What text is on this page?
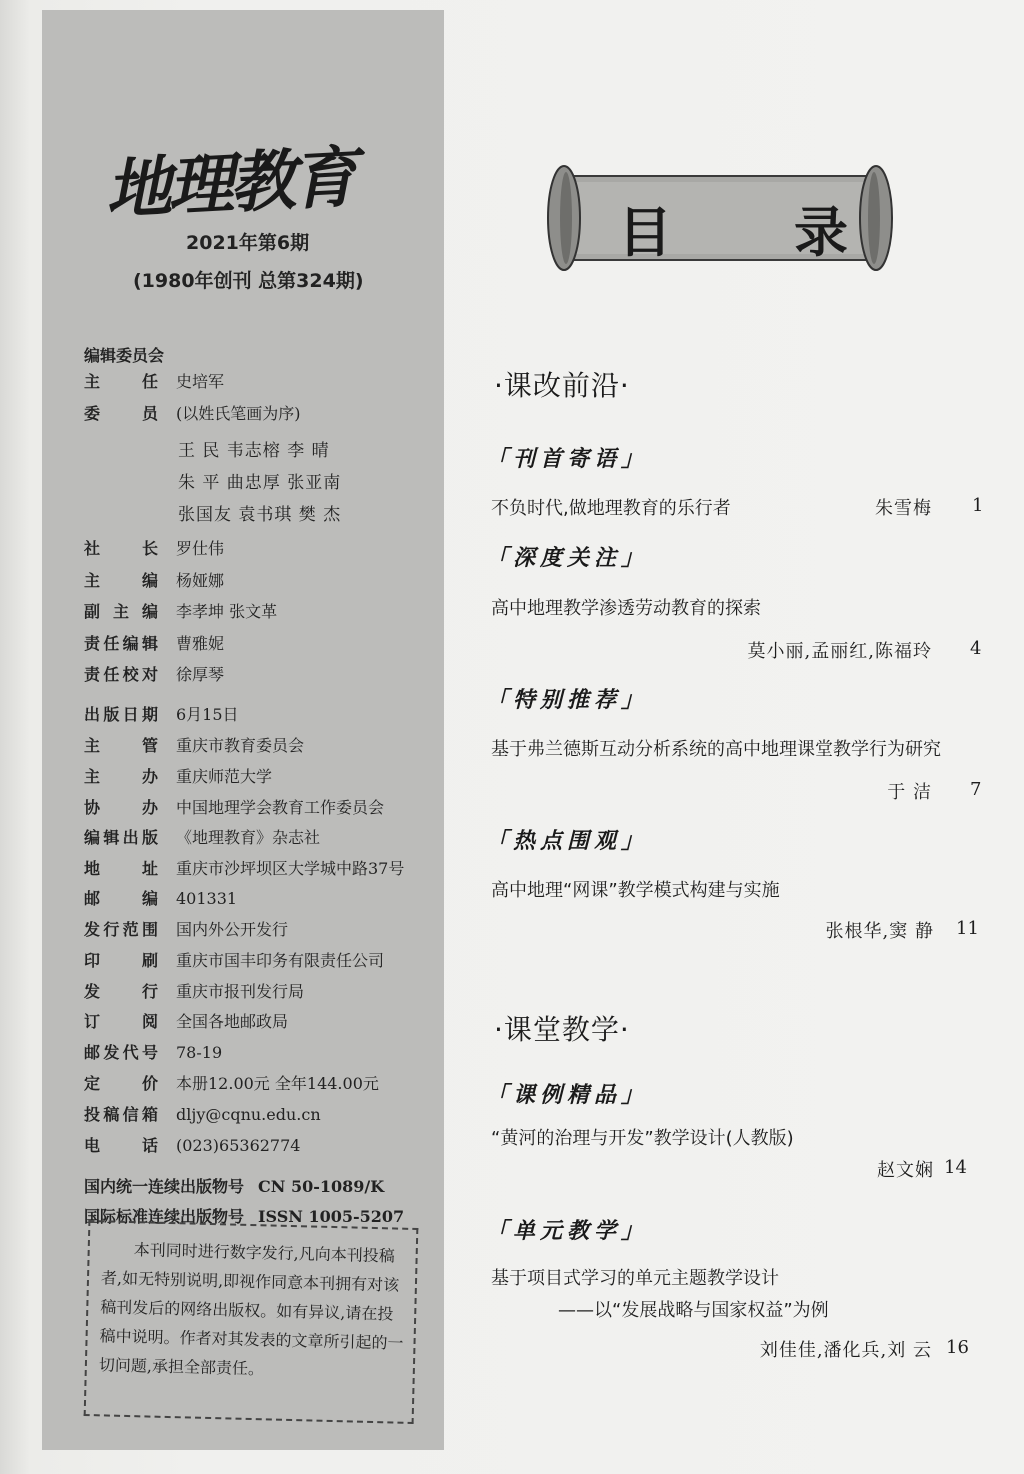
地理教育
2021年第6期
(1980年创刊 总第324期)
编辑委员会
主 任 史培军
委 员 (以姓氏笔画为序)
王 民 韦志榕 李 晴
朱 平 曲忠厚 张亚南
张国友 袁书琪 樊 杰
社长 罗仕伟
主编 杨娅娜
副主编 李孝坤 张文革
责任编辑 曹雅妮
责任校对 徐厚琴
出版日期 6月15日
主管 重庆市教育委员会
主办 重庆师范大学
协办 中国地理学会教育工作委员会
编辑出版 《地理教育》杂志社
地址 重庆市沙坪坝区大学城中路37号
邮编 401331
发行范围 国内外公开发行
印刷 重庆市国丰印务有限责任公司
发行 重庆市报刊发行局
订阅 全国各地邮政局
邮发代号 78-19
定价 本册12.00元 全年144.00元
投稿信箱 dljy@cqnu.edu.cn
电话 (023)65362774
国内统一连续出版物号 CN 50-1089/K
国际标准连续出版物号 ISSN 1005-5207
本刊同时进行数字发行,凡向本刊投稿者,如无特别说明,即视作同意本刊拥有对该稿刊发后的网络出版权。如有异议,请在投稿中说明。作者对其发表的文章所引起的一切问题,承担全部责任。
目 录
·课改前沿·
「刊首寄语」
不负时代,做地理教育的乐行者	朱雪梅 1
「深度关注」
高中地理教学渗透劳动教育的探索
莫小丽,孟丽红,陈福玲 4
「特别推荐」
基于弗兰德斯互动分析系统的高中地理课堂教学行为研究
于 洁 7
「热点围观」
高中地理“网课”教学模式构建与实施
张根华,窦 静 11
·课堂教学·
「课例精品」
“黄河的治理与开发”教学设计(人教版)
赵文娴 14
「单元教学」
基于项目式学习的单元主题教学设计
——以“发展战略与国家权益”为例
刘佳佳,潘化兵,刘 云 16
